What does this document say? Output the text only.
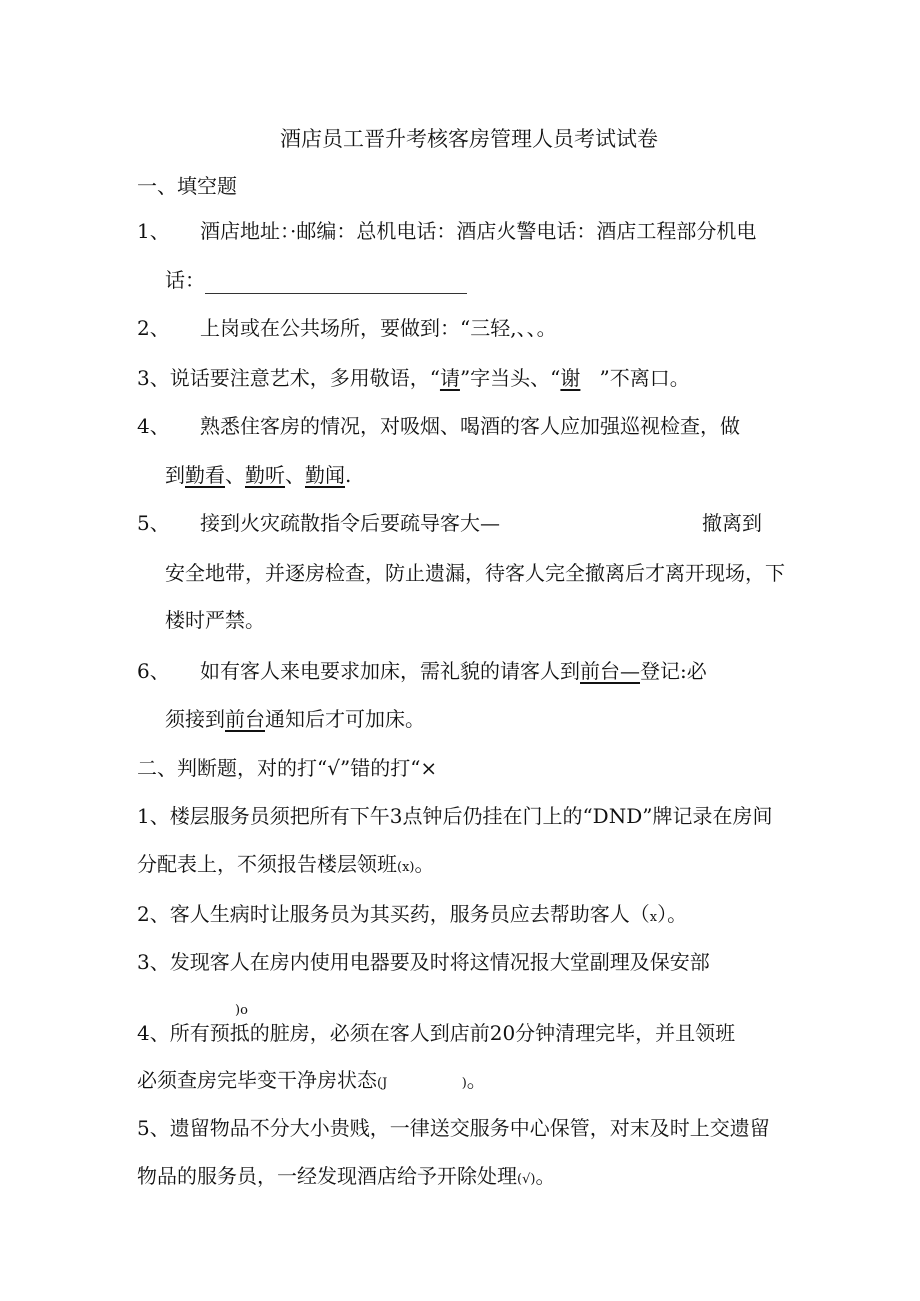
酒店员工晋升考核客房管理人员考试试卷
一、填空题
1、 酒店地址：·邮编：总机电话：酒店火警电话：酒店工程部分机电
话：
2、 上岗或在公共场所，要做到：“三轻,、、。
3、说话要注意艺术，多用敬语，“请”字当头、“谢   ”不离口。
4、 熟悉住客房的情况，对吸烟、喝酒的客人应加强巡视检查，做
到勤看、勤听、勤闻.
5、 接到火灾疏散指令后要疏导客大—	撤离到
安全地带，并逐房检查，防止遗漏，待客人完全撤离后才离开现场，下
楼时严禁。
6、 如有客人来电要求加床，需礼貌的请客人到前台—登记:必
须接到前台通知后才可加床。
二、判断题，对的打“√”错的打“×
1、楼层服务员须把所有下午3点钟后仍挂在门上的“DND”牌记录在房间
分配表上，不须报告楼层领班(x)。
2、客人生病时让服务员为其买药，服务员应去帮助客人（x）。
3、发现客人在房内使用电器要及时将这情况报大堂副理及保安部
)o
4、所有预抵的脏房，必须在客人到店前20分钟清理完毕，并且领班
必须查房完毕变干净房状态(J	)。
5、遗留物品不分大小贵贱，一律送交服务中心保管，对末及时上交遗留
物品的服务员，一经发现酒店给予开除处理(√)。
